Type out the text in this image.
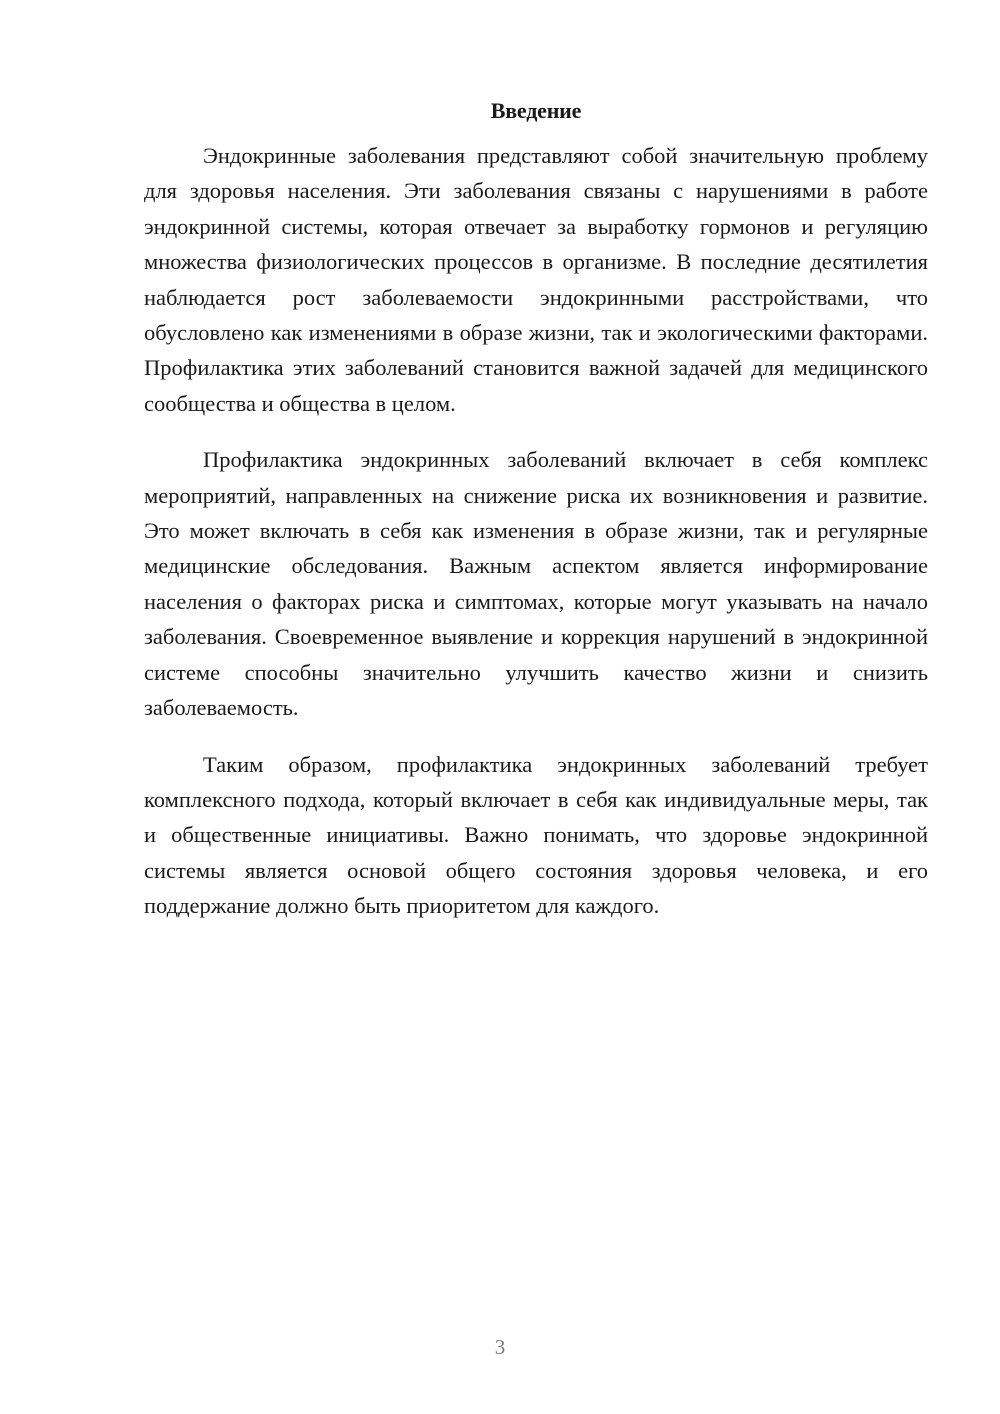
Введение

Эндокринные заболевания представляют собой значительную проблему для здоровья населения. Эти заболевания связаны с нарушениями в работе эндокринной системы, которая отвечает за выработку гормонов и регуляцию множества физиологических процессов в организме. В последние десятилетия наблюдается рост заболеваемости эндокринными расстройствами, что обусловлено как изменениями в образе жизни, так и экологическими факторами. Профилактика этих заболеваний становится важной задачей для медицинского сообщества и общества в целом.

Профилактика эндокринных заболеваний включает в себя комплекс мероприятий, направленных на снижение риска их возникновения и развитие. Это может включать в себя как изменения в образе жизни, так и регулярные медицинские обследования. Важным аспектом является информирование населения о факторах риска и симптомах, которые могут указывать на начало заболевания. Своевременное выявление и коррекция нарушений в эндокринной системе способны значительно улучшить качество жизни и снизить заболеваемость.

Таким образом, профилактика эндокринных заболеваний требует комплексного подхода, который включает в себя как индивидуальные меры, так и общественные инициативы. Важно понимать, что здоровье эндокринной системы является основой общего состояния здоровья человека, и его поддержание должно быть приоритетом для каждого.

3
